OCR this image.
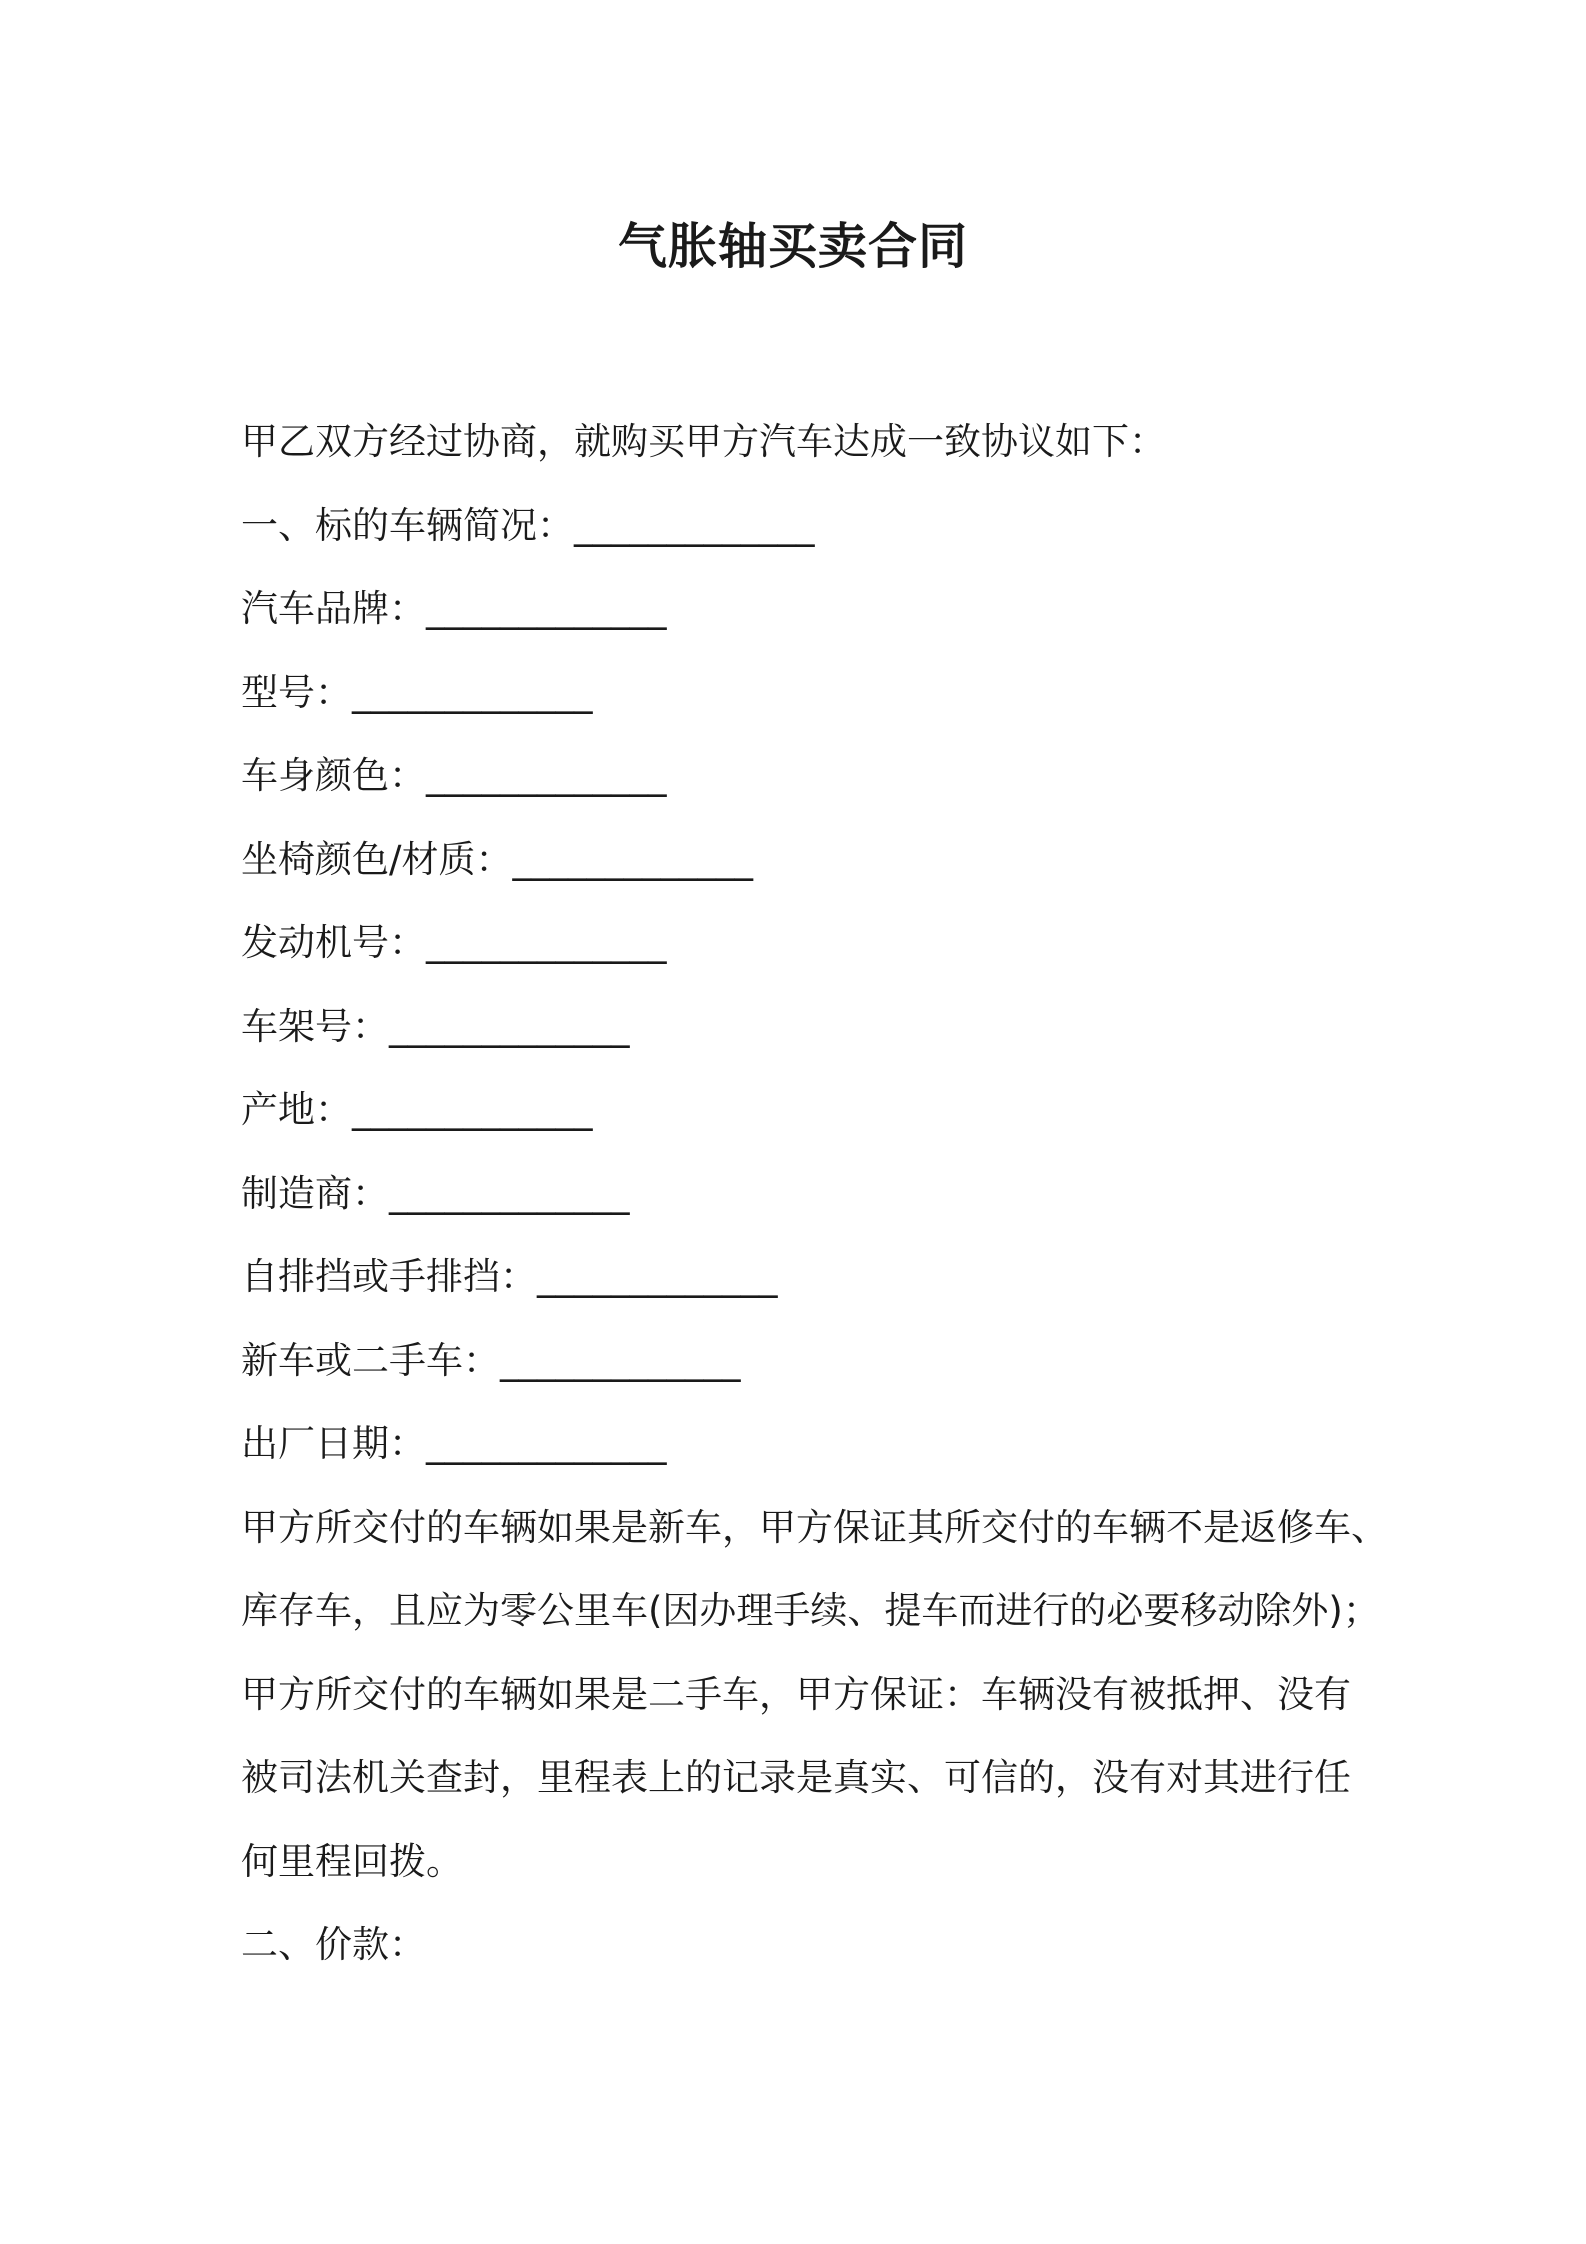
气胀轴买卖合同
甲乙双方经过协商，就购买甲方汽车达成一致协议如下：
一、标的车辆简况：_____________
汽车品牌：_____________
型号：_____________
车身颜色：_____________
坐椅颜色/材质：_____________
发动机号：_____________
车架号：_____________
产地：_____________
制造商：_____________
自排挡或手排挡：_____________
新车或二手车：_____________
出厂日期：_____________
甲方所交付的车辆如果是新车，甲方保证其所交付的车辆不是返修车、
库存车，且应为零公里车(因办理手续、提车而进行的必要移动除外)；
甲方所交付的车辆如果是二手车，甲方保证：车辆没有被抵押、没有
被司法机关查封，里程表上的记录是真实、可信的，没有对其进行任
何里程回拨。
二、价款：
